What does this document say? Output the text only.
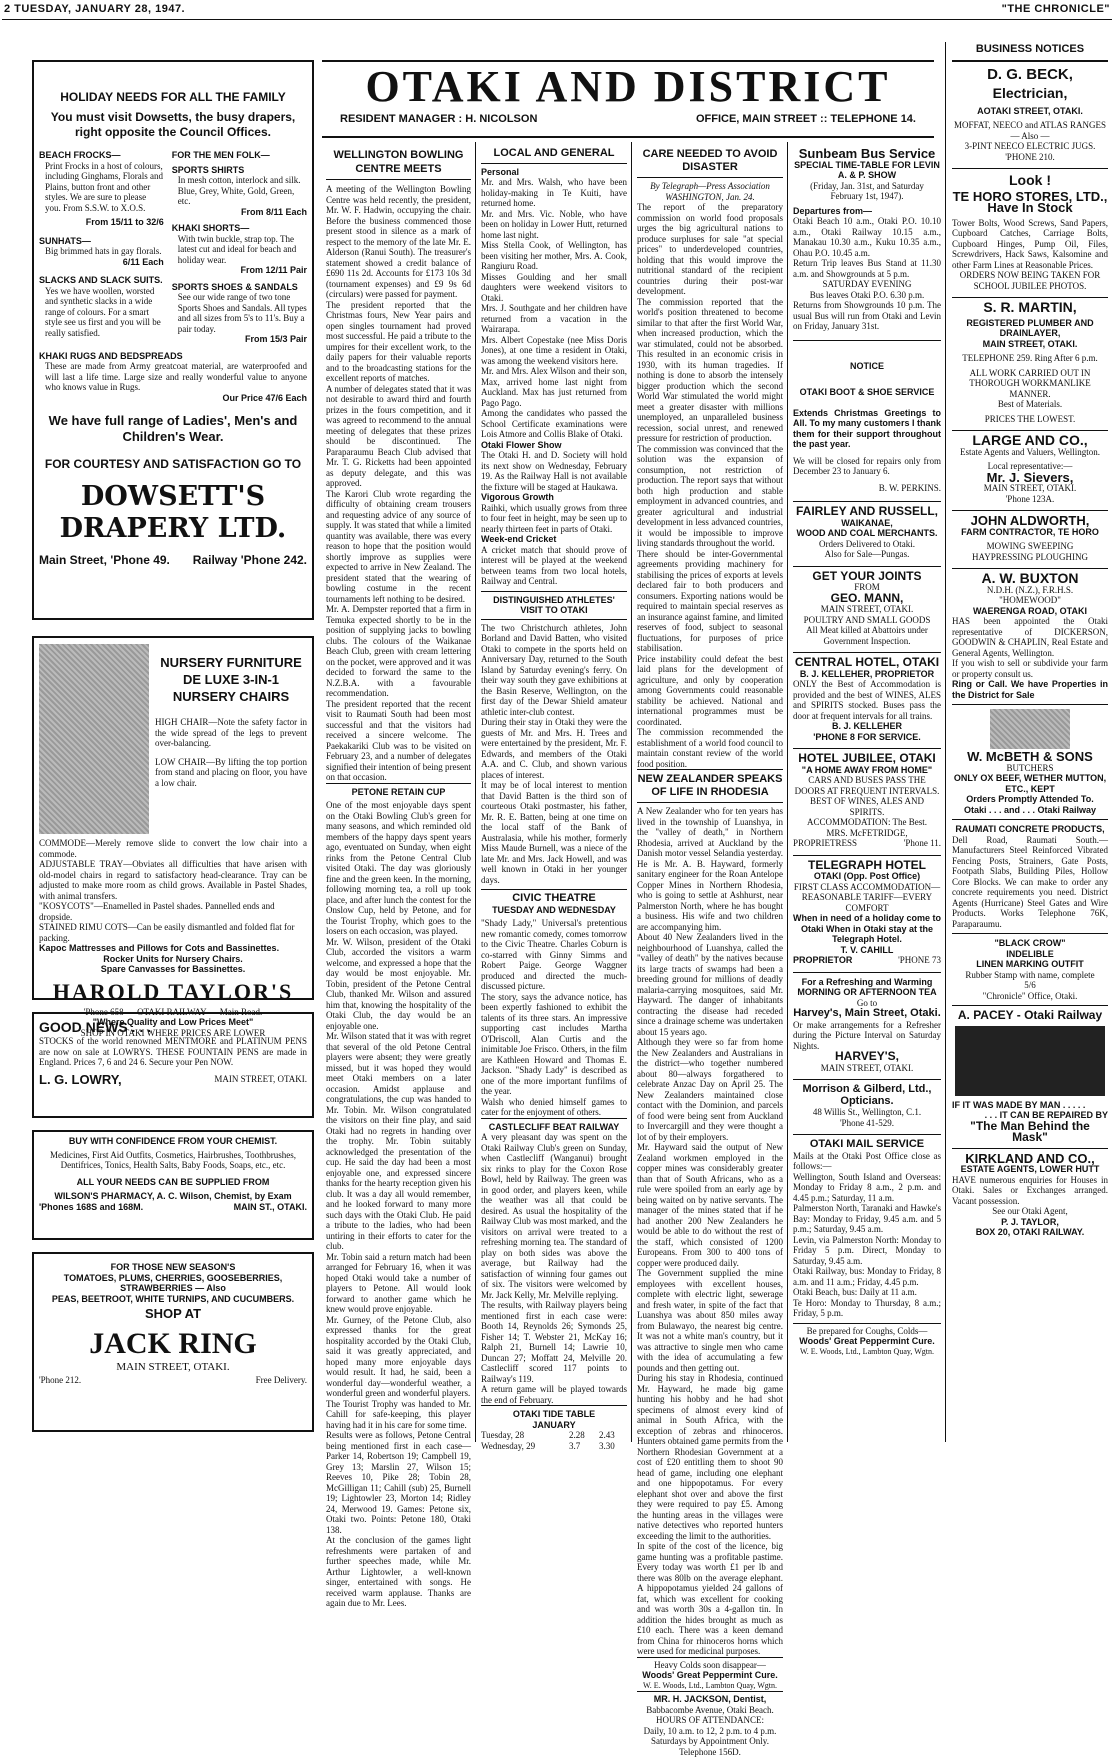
2 TUESDAY, JANUARY 28, 1947.	"THE CHRONICLE"
HOLIDAY NEEDS FOR ALL THE FAMILY
You must visit Dowsetts, the busy drapers, right opposite the Council Offices.
BEACH FROCKS—
Print Frocks in a host of colours, including Ginghams, Florals and Plains, button front and other styles. We are sure to please you. From S.S.W. to X.O.S.
From 15/11 to 32/6
SUNHATS—
Big brimmed hats in gay florals.
6/11 Each
SLACKS AND SLACK SUITS.
Yes we have woollen, worsted and synthetic slacks in a wide range of colours. For a smart style see us first and you will be really satisfied.
FOR THE MEN FOLK—
SPORTS SHIRTS
In mesh cotton, interlock and silk. Blue, Grey, White, Gold, Green, etc.
From 8/11 Each
KHAKI SHORTS—
With twin buckle, strap top. The latest cut and ideal for beach and holiday wear.
From 12/11 Pair
SPORTS SHOES & SANDALS
See our wide range of two tone Sports Shoes and Sandals. All types and all sizes from 5's to 11's. Buy a pair today.
From 15/3 Pair
KHAKI RUGS AND BEDSPREADS
These are made from Army greatcoat material, are waterproofed and will last a life time. Large size and really wonderful value to anyone who knows value in Rugs.
Our Price 47/6 Each
We have full range of Ladies', Men's and Children's Wear.
FOR COURTESY AND SATISFACTION GO TO
DOWSETT'S DRAPERY LTD.
Main Street, 'Phone 49. Railway 'Phone 242.
NURSERY FURNITURE DE LUXE 3-IN-1 NURSERY CHAIRS
HIGH CHAIR—Note the safety factor in the wide spread of the legs to prevent over-balancing.
LOW CHAIR—By lifting the top portion from stand and placing on floor, you have a low chair.
COMMODE—Merely remove slide to convert the low chair into a commode.
ADJUSTABLE TRAY—Obviates all difficulties that have arisen with old-model chairs in regard to satisfactory head-clearance. Tray can be adjusted to make more room as child grows. Available in Pastel Shades, with animal transfers.
"KOSYCOTS"—Enamelled in Pastel shades. Pannelled ends and dropside.
STAINED RIMU COTS—Can be easily dismantled and folded flat for packing.
Kapoc Mattresses and Pillows for Cots and Bassinettes.
Rocker Units for Nursery Chairs.
Spare Canvasses for Bassinettes.
HAROLD TAYLOR'S
'Phone 658 — OTAKI RAILWAY — Main Road.
"Where Quality and Low Prices Meet"
SHOP IN OTAKI WHERE PRICES ARE LOWER
GOOD NEWS . . .
STOCKS of the world renowned MENTMORE and PLATINUM PENS are now on sale at LOWRYS. THESE FOUNTAIN PENS are made in England. Prices 7, 6 and 24 6. Secure your Pen NOW.
L. G. LOWRY,	MAIN STREET, OTAKI.
BUY WITH CONFIDENCE FROM YOUR CHEMIST.
Medicines, First Aid Outfits, Cosmetics, Hairbrushes, Toothbrushes, Dentifrices, Tonics, Health Salts, Baby Foods, Soaps, etc., etc.
ALL YOUR NEEDS CAN BE SUPPLIED FROM
WILSON'S PHARMACY, A. C. Wilson, Chemist, by Exam
'Phones 168S and 168M.	MAIN ST., OTAKI.
FOR THOSE NEW SEASON'S
TOMATOES, PLUMS, CHERRIES, GOOSEBERRIES, STRAWBERRIES — Also
PEAS, BEETROOT, WHITE TURNIPS, AND CUCUMBERS.
SHOP AT
JACK RING
MAIN STREET, OTAKI.
'Phone 212.	Free Delivery.
OTAKI AND DISTRICT
RESIDENT MANAGER : H. NICOLSON	OFFICE, MAIN STREET :: TELEPHONE 14.
WELLINGTON BOWLING CENTRE MEETS

A meeting of the Wellington Bowling Centre was held recently, the president, Mr. W. F. Hadwin, occupying the chair. Before the business commenced those present stood in silence as a mark of respect to the memory of the late Mr. E. Alderson (Ranui South). The treasurer's statement showed a credit balance of £690 11s 2d. Accounts for £173 10s 3d (tournament expenses) and £9 9s 6d (circulars) were passed for payment.

The president reported that the Christmas fours, New Year pairs and open singles tournament had proved most successful. He paid a tribute to the umpires for their excellent work, to the daily papers for their valuable reports and to the broadcasting stations for the excellent reports of matches.

A number of delegates stated that it was not desirable to award third and fourth prizes in the fours competition, and it was agreed to recommend to the annual meeting of delegates that these prizes should be discontinued. The Paraparaumu Beach Club advised that Mr. T. G. Ricketts had been appointed as deputy delegate, and this was approved.

The Karori Club wrote regarding the difficulty of obtaining cream trousers and requesting advice of any source of supply. It was stated that while a limited quantity was available, there was every reason to hope that the position would shortly improve as supplies were expected to arrive in New Zealand. The president stated that the wearing of bowling costume in the recent tournaments left nothing to be desired.

Mr. A. Dempster reported that a firm in Temuka expected shortly to be in the position of supplying jacks to bowling clubs. The colours of the Waikanae Beach Club, green with cream lettering on the pocket, were approved and it was decided to forward the same to the N.Z.B.A. with a favourable recommendation.

The president reported that the recent visit to Raumati South had been most successful and that the visitors had received a sincere welcome. The Paekakariki Club was to be visited on February 23, and a number of delegates signified their intention of being present on that occasion.

PETONE RETAIN CUP

One of the most enjoyable days spent on the Otaki Bowling Club's green for many seasons, and which reminded old members of the happy days spent years ago, eventuated on Sunday, when eight rinks from the Petone Central Club visited Otaki. The day was gloriously fine and the green keen. In the morning, following morning tea, a roll up took place, and after lunch the contest for the Onslow Cup, held by Petone, and for the Tourist Trophy, which goes to the losers on each occasion, was played.

Mr. W. Wilson, president of the Otaki Club, accorded the visitors a warm welcome, and expressed a hope that the day would be most enjoyable. Mr. Tobin, president of the Petone Central Club, thanked Mr. Wilson and assured him that, knowing the hospitality of the Otaki Club, the day would be an enjoyable one.

Mr. Wilson stated that it was with regret that several of the old Petone Central players were absent; they were greatly missed, but it was hoped they would meet Otaki members on a later occasion. Amidst applause and congratulations, the cup was handed to Mr. Tobin. Mr. Wilson congratulated the visitors on their fine play, and said Otaki had no regrets in handing over the trophy. Mr. Tobin suitably acknowledged the presentation of the cup. He said the day had been a most enjoyable one, and expressed sincere thanks for the hearty reception given his club. It was a day all would remember, and he looked forward to many more such days with the Otaki Club. He paid a tribute to the ladies, who had been untiring in their efforts to cater for the club.

Mr. Tobin said a return match had been arranged for February 16, when it was hoped Otaki would take a number of players to Petone. All would look forward to another game which he knew would prove enjoyable.

Mr. Gurney, of the Petone Club, also expressed thanks for the great hospitality accorded by the Otaki Club, said it was greatly appreciated, and hoped many more enjoyable days would result. It had, he said, been a wonderful day—wonderful weather, a wonderful green and wonderful players.

The Tourist Trophy was handed to Mr. Cahill for safe-keeping, this player having had it in his care for some time.

Results were as follows, Petone Central being mentioned first in each case—Parker 14, Robertson 19; Campbell 19, Grey 13; Marslin 27, Wilson 15; Reeves 10, Pike 28; Tobin 28, McGilligan 11; Cahill (sub) 25, Burnell 19; Lightowler 23, Morton 14; Ridley 24, Merwood 19. Games: Petone six, Otaki two. Points: Petone 180, Otaki 138.

At the conclusion of the games light refreshments were partaken of and further speeches made, while Mr. Arthur Lightowler, a well-known singer, entertained with songs. He received warm applause. Thanks are again due to Mr. Lees.

LOCAL AND GENERAL
Personal

Mr. and Mrs. Walsh, who have been holiday-making in Te Kuiti, have returned home.

Mr. and Mrs. Vic. Noble, who have been on holiday in Lower Hutt, returned home last night.

Miss Stella Cook, of Wellington, has been visiting her mother, Mrs. A. Cook, Rangiuru Road.

Misses Goulding and her small daughters were weekend visitors to Otaki.

Mrs. J. Southgate and her children have returned from a vacation in the Wairarapa.

Mrs. Albert Copestake (nee Miss Doris Jones), at one time a resident in Otaki, was among the weekend visitors here.

Mr. and Mrs. Alex Wilson and their son, Max, arrived home last night from Auckland. Max has just returned from Pago Pago.

Among the candidates who passed the School Certificate examinations were Lois Atmore and Collis Blake of Otaki.

Otaki Flower Show

The Otaki H. and D. Society will hold its next show on Wednesday, February 19. As the Railway Hall is not available the fixture will be staged at Haukawa.

Vigorous Growth

Raihki, which usually grows from three to four feet in height, may be seen up to nearly thirteen feet in parts of Otaki.

Week-end Cricket

A cricket match that should prove of interest will be played at the weekend between teams from two local hotels, Railway and Central.

DISTINGUISHED ATHLETES' VISIT TO OTAKI

The two Christchurch athletes, John Borland and David Batten, who visited Otaki to compete in the sports held on Anniversary Day, returned to the South Island by Saturday evening's ferry. On their way south they gave exhibitions at the Basin Reserve, Wellington, on the first day of the Dewar Shield amateur athletic inter-club contest.

During their stay in Otaki they were the guests of Mr. and Mrs. H. Trees and were entertained by the president, Mr. F. Edwards, and members of the Otaki A.A. and C. Club, and shown various places of interest.

It may be of local interest to mention that David Batten is the third son of courteous Otaki postmaster, his father, Mr. R. E. Batten, being at one time on the local staff of the Bank of Australasia, while his mother, formerly Miss Maude Burnell, was a niece of the late Mr. and Mrs. Jack Howell, and was well known in Otaki in her younger days.

CIVIC THEATRE
TUESDAY AND WEDNESDAY

"Shady Lady," Universal's pretentious new romantic comedy, comes tomorrow to the Civic Theatre. Charles Coburn is co-starred with Ginny Simms and Robert Paige. George Waggner produced and directed the much-discussed picture.

The story, says the advance notice, has been expertly fashioned to exhibit the talents of its three stars. An impressive supporting cast includes Martha O'Driscoll, Alan Curtis and the inimitable Joe Frisco. Others, in the film are Kathleen Howard and Thomas E. Jackson. "Shady Lady" is described as one of the more important funfilms of the year.

Walsh who denied himself games to cater for the enjoyment of others.

CASTLECLIFF BEAT RAILWAY

A very pleasant day was spent on the Otaki Railway Club's green on Sunday, when Castlecliff (Wanganui) brought six rinks to play for the Coxon Rose Bowl, held by Railway. The green was in good order, and players keen, while the weather was all that could be desired. As usual the hospitality of the Railway Club was most marked, and the visitors on arrival were treated to a refreshing morning tea. The standard of play on both sides was above the average, but Railway had the satisfaction of winning four games out of six. The visitors were welcomed by Mr. Jack Kelly, Mr. Melville replying.

The results, with Railway players being mentioned first in each case were: Booth 14, Reynolds 26; Symonds 25, Fisher 14; T. Webster 21, McKay 16; Ralph 21, Burnell 14; Lawrie 10, Duncan 27; Moffatt 24, Melville 20. Castlecliff scored 117 points to Railway's 119.

A return game will be played towards the end of February.

OTAKI TIDE TABLE
JANUARY
Tuesday, 28	2.28	2.43
Wednesday, 29	3.7	3.30
CARE NEEDED TO AVOID DISASTER
By Telegraph—Press Association WASHINGTON, Jan. 24.

The report of the preparatory commission on world food proposals urges the big agricultural nations to produce surpluses for sale "at special prices" to underdeveloped countries, holding that this would improve the nutritional standard of the recipient countries during their post-war development.

The commission reported that the world's position threatened to become similar to that after the first World War, when increased production, which the war stimulated, could not be absorbed. This resulted in an economic crisis in 1930, with its human tragedies. If nothing is done to absorb the intensely bigger production which the second World War stimulated the world might meet a greater disaster with millions unemployed, an unparalleled business recession, social unrest, and renewed pressure for restriction of production.

The commission was convinced that the solution was the expansion of consumption, not restriction of production. The report says that without both high production and stable employment in advanced countries, and greater agricultural and industrial development in less advanced countries, it would be impossible to improve living standards throughout the world.

There should be inter-Governmental agreements providing machinery for stabilising the prices of exports at levels declared fair to both producers and consumers. Exporting nations would be required to maintain special reserves as an insurance against famine, and limited reserves of food, subject to seasonal fluctuations, for purposes of price stabilisation.

Price instability could defeat the best laid plans for the development of agriculture, and only by cooperation among Governments could reasonable stability be achieved. National and international programmes must be coordinated.

The commission recommended the establishment of a world food council to maintain constant review of the world food position.

NEW ZEALANDER SPEAKS OF LIFE IN RHODESIA

A New Zealander who for ten years has lived in the township of Luanshya, in the "valley of death," in Northern Rhodesia, arrived at Auckland by the Danish motor vessel Selandia yesterday. He is Mr. A. B. Hayward, formerly sanitary engineer for the Roan Antelope Copper Mines in Northern Rhodesia, who is going to settle at Ashhurst, near Palmerston North, where he has bought a business. His wife and two children are accompanying him.

About 40 New Zealanders lived in the neighbourhood of Luanshya, called the "valley of death" by the natives because its large tracts of swamps had been a breeding ground for millions of deadly malaria-carrying mosquitoes, said Mr. Hayward. The danger of inhabitants contracting the disease had receded since a drainage scheme was undertaken about 15 years ago.

Although they were so far from home the New Zealanders and Australians in the district—who together numbered about 80—always forgathered to celebrate Anzac Day on April 25. The New Zealanders maintained close contact with the Dominion, and parcels of food were being sent from Auckland to Invercargill and they were thought a lot of by their employers.

Mr. Hayward said the output of New Zealand workmen employed in the copper mines was considerably greater than that of South Africans, who as a rule were spoiled from an early age by being waited on by native servants. The manager of the mines stated that if he had another 200 New Zealanders he would be able to do without the rest of the staff, which consisted of 1200 Europeans. From 300 to 400 tons of copper were produced daily.

The Government supplied the mine employees with excellent houses, complete with electric light, sewerage and fresh water, in spite of the fact that Luanshya was about 850 miles away from Bulawayo, the nearest big centre. It was not a white man's country, but it was attractive to single men who came with the idea of accumulating a few pounds and then getting out.

During his stay in Rhodesia, continued Mr. Hayward, he made big game hunting his hobby and he had shot specimens of almost every kind of animal in South Africa, with the exception of zebras and rhinoceros. Hunters obtained game permits from the Northern Rhodesian Government at a cost of £20 entitling them to shoot 90 head of game, including one elephant and one hippopotamus. For every elephant shot over and above the first they were required to pay £5. Among the hunting areas in the villages were native detectives who reported hunters exceeding the limit to the authorities.

In spite of the cost of the licence, big game hunting was a profitable pastime. Every today was worth £1 per lb and there was 80lb on the average elephant. A hippopotamus yielded 24 gallons of fat, which was excellent for cooking and was worth 30s a 4-gallon tin. In addition the hides brought as much as £10 each. There was a keen demand from China for rhinoceros horns which were used for medicinal purposes.

Heavy Colds soon disappear—
Woods' Great Peppermint Cure.
W. E. Woods, Ltd., Lambton Quay, Wgtn.
MR. H. JACKSON, Dentist,
Babbacombe Avenue, Otaki Beach.
HOURS OF ATTENDANCE:
Daily, 10 a.m. to 12, 2 p.m. to 4 p.m.
Saturdays by Appointment Only.
Telephone 156D.
Sunbeam Bus Service
SPECIAL TIME-TABLE FOR LEVIN A. & P. SHOW
(Friday, Jan. 31st, and Saturday February 1st, 1947).
Departures from—

Otaki Beach 10 a.m., Otaki P.O. 10.10 a.m., Otaki Railway 10.15 a.m., Manakau 10.30 a.m., Kuku 10.35 a.m., Ohau P.O. 10.45 a.m.

Return Trip leaves Bus Stand at 11.30 a.m. and Showgrounds at 5 p.m.

SATURDAY EVENING

Bus leaves Otaki P.O. 6.30 p.m.

Returns from Showgrounds 10 p.m. The usual Bus will run from Otaki and Levin on Friday, January 31st.

NOTICE
OTAKI BOOT & SHOE SERVICE

Extends Christmas Greetings to All. To my many customers I thank them for their support throughout the past year.

We will be closed for repairs only from December 23 to January 6.

B. W. PERKINS.
FAIRLEY AND RUSSELL,
WAIKANAE,
WOOD AND COAL MERCHANTS.
Orders Delivered to Otaki.
Also for Sale—Pungas.
GET YOUR JOINTS
FROM
GEO. MANN,
MAIN STREET, OTAKI.
POULTRY AND SMALL GOODS
All Meat killed at Abattoirs under Government Inspection.
CENTRAL HOTEL, OTAKI
B. J. KELLEHER, PROPRIETOR

ONLY the Best of Accommodation is provided and the best of WINES, ALES and SPIRITS stocked. Buses pass the door at frequent intervals for all trains.

B. J. KELLEHER
'PHONE 8 FOR SERVICE.
HOTEL JUBILEE, OTAKI
"A HOME AWAY FROM HOME"
CARS AND BUSES PASS THE DOORS AT FREQUENT INTERVALS.
BEST OF WINES, ALES AND SPIRITS.
ACCOMMODATION: The Best.
MRS. McFETRIDGE,
PROPRIETRESS	'Phone 11.
TELEGRAPH HOTEL
OTAKI (Opp. Post Office)
FIRST CLASS ACCOMMODATION—REASONABLE TARIFF—EVERY COMFORT
When in need of a holiday come to Otaki When in Otaki stay at the Telegraph Hotel.
T. V. CAHILL
PROPRIETOR	'PHONE 73
For a Refreshing and Warming MORNING OR AFTERNOON TEA
Go to
Harvey's, Main Street, Otaki.
Or make arrangements for a Refresher during the Picture Interval on Saturday Nights.
HARVEY'S,
MAIN STREET, OTAKI.
Morrison & Gilberd, Ltd.,
Opticians.
48 Willis St., Wellington, C.1.
'Phone 41-529.
OTAKI MAIL SERVICE

Mails at the Otaki Post Office close as follows:—

Wellington, South Island and Overseas: Monday to Friday 8 a.m., 2 p.m. and 4.45 p.m.; Saturday, 11 a.m.

Palmerston North, Taranaki and Hawke's Bay: Monday to Friday, 9.45 a.m. and 5 p.m.; Saturday, 9.45 a.m.

Levin, via Palmerston North: Monday to Friday 5 p.m. Direct, Monday to Saturday, 9.45 a.m.

Otaki Railway, bus: Monday to Friday, 8 a.m. and 11 a.m.; Friday, 4.45 p.m.

Otaki Beach, bus: Daily at 11 a.m.

Te Horo: Monday to Thursday, 8 a.m.; Friday, 5 p.m.

Be prepared for Coughs, Colds—
Woods' Great Peppermint Cure.
W. E. Woods, Ltd., Lambton Quay, Wgtn.
BUSINESS NOTICES
D. G. BECK,
Electrician,
AOTAKI STREET, OTAKI.
MOFFAT, NEECO and ATLAS RANGES
— Also —
3-PINT NEECO ELECTRIC JUGS. 'PHONE 210.
Look !
TE HORO STORES, LTD.,
Have In Stock

Tower Bolts, Wood Screws, Sand Papers, Cupboard Catches, Carriage Bolts, Cupboard Hinges, Pump Oil, Files, Screwdrivers, Hack Saws, Kalsomine and other Farm Lines at Reasonable Prices.

ORDERS NOW BEING TAKEN FOR SCHOOL JUBILEE PHOTOS.
S. R. MARTIN,
REGISTERED PLUMBER AND DRAINLAYER,
MAIN STREET, OTAKI.
TELEPHONE 259. Ring After 6 p.m.
ALL WORK CARRIED OUT IN THOROUGH WORKMANLIKE MANNER.
Best of Materials.
PRICES THE LOWEST.
LARGE AND CO.,
Estate Agents and Valuers, Wellington.
Local representative:—
Mr. J. Sievers,
MAIN STREET, OTAKI.
'Phone 123A.
JOHN ALDWORTH,
FARM CONTRACTOR, TE HORO
MOWING SWEEPING
HAYPRESSING PLOUGHING
A. W. BUXTON
N.D.H. (N.Z.), F.R.H.S.
"HOMEWOOD"
WAERENGA ROAD, OTAKI

HAS been appointed the Otaki representative of DICKERSON, GOODWIN & CHAPLIN, Real Estate and General Agents, Wellington.

If you wish to sell or subdivide your farm or property consult us.

Ring or Call. We have Properties in the District for Sale

W. McBETH & SONS
BUTCHERS
ONLY OX BEEF, WETHER MUTTON, ETC., KEPT
Orders Promptly Attended To.
Otaki . . . and . . . Otaki Railway
RAUMATI CONCRETE PRODUCTS,

Dell Road, Raumati South.—Manufacturers Steel Reinforced Vibrated Fencing Posts, Strainers, Gate Posts, Footpath Slabs, Building Piles, Hollow Core Blocks. We can make to order any concrete requirements you need. District Agents (Hurricane) Steel Gates and Wire Products. Works Telephone 76K, Paraparaumu.

"BLACK CROW"
INDELIBLE
LINEN MARKING OUTFIT
Rubber Stamp with name, complete
5/6
"Chronicle" Office, Otaki.
A. PACEY - Otaki Railway
IF IT WAS MADE BY MAN . . . . .
. . . IT CAN BE REPAIRED BY
"The Man Behind the Mask"
KIRKLAND AND CO.,
ESTATE AGENTS, LOWER HUTT

HAVE numerous enquiries for Houses in Otaki. Sales or Exchanges arranged. Vacant possession.

See our Otaki Agent,
P. J. TAYLOR,
BOX 20, OTAKI RAILWAY.
